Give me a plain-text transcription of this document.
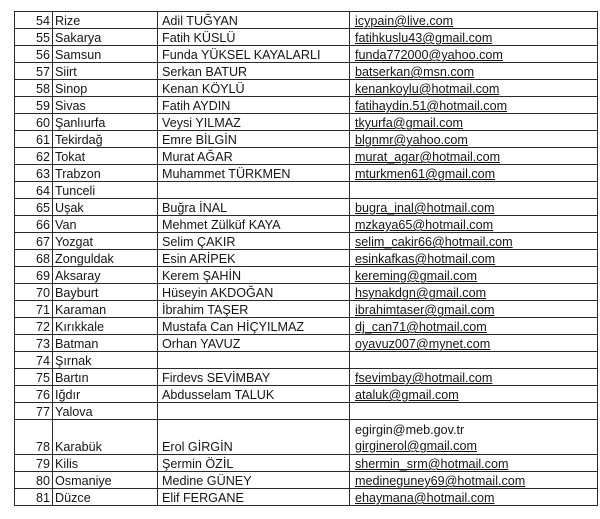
54	Rize	Adil TUĞYAN	icypain@live.com
55	Sakarya	Fatih KÜSLÜ	fatihkuslu43@gmail.com
56	Samsun	Funda YÜKSEL KAYALARLI	funda772000@yahoo.com
57	Siirt	Serkan BATUR	batserkan@msn.com
58	Sinop	Kenan KÖYLÜ	kenankoylu@hotmail.com
59	Sivas	Fatih AYDIN	fatihaydin.51@hotmail.com
60	Şanlıurfa	Veysi YILMAZ	tkyurfa@gmail.com
61	Tekirdağ	Emre BİLGİN	blgnmr@yahoo.com
62	Tokat	Murat AĞAR	murat_agar@hotmail.com
63	Trabzon	Muhammet TÜRKMEN	mturkmen61@gmail.com
64	Tunceli		
65	Uşak	Buğra İNAL	bugra_inal@hotmail.com
66	Van	Mehmet Zülküf KAYA	mzkaya65@hotmail.com
67	Yozgat	Selim ÇAKIR	selim_cakir66@hotmail.com
68	Zonguldak	Esin ARİPEK	esinkafkas@hotmail.com
69	Aksaray	Kerem ŞAHİN	kereming@gmail.com
70	Bayburt	Hüseyin AKDOĞAN	hsynakdgn@gmail.com
71	Karaman	İbrahim TAŞER	ibrahimtaser@gmail.com
72	Kırıkkale	Mustafa Can HİÇYILMAZ	dj_can71@hotmail.com
73	Batman	Orhan YAVUZ	oyavuz007@mynet.com
74	Şırnak		
75	Bartın	Firdevs SEVİMBAY	fsevimbay@hotmail.com
76	Iğdır	Abdusselam TALUK	ataluk@gmail.com
77	Yalova		
78	Karabük	Erol GİRGİN	egirgin@meb.gov.tr
girginerol@gmail.com

79	Kilis	Şermin ÖZİL	shermin_srm@hotmail.com
80	Osmaniye	Medine GÜNEY	medineguney69@hotmail.com
81	Düzce	Elif FERGANE	ehaymana@hotmail.com
